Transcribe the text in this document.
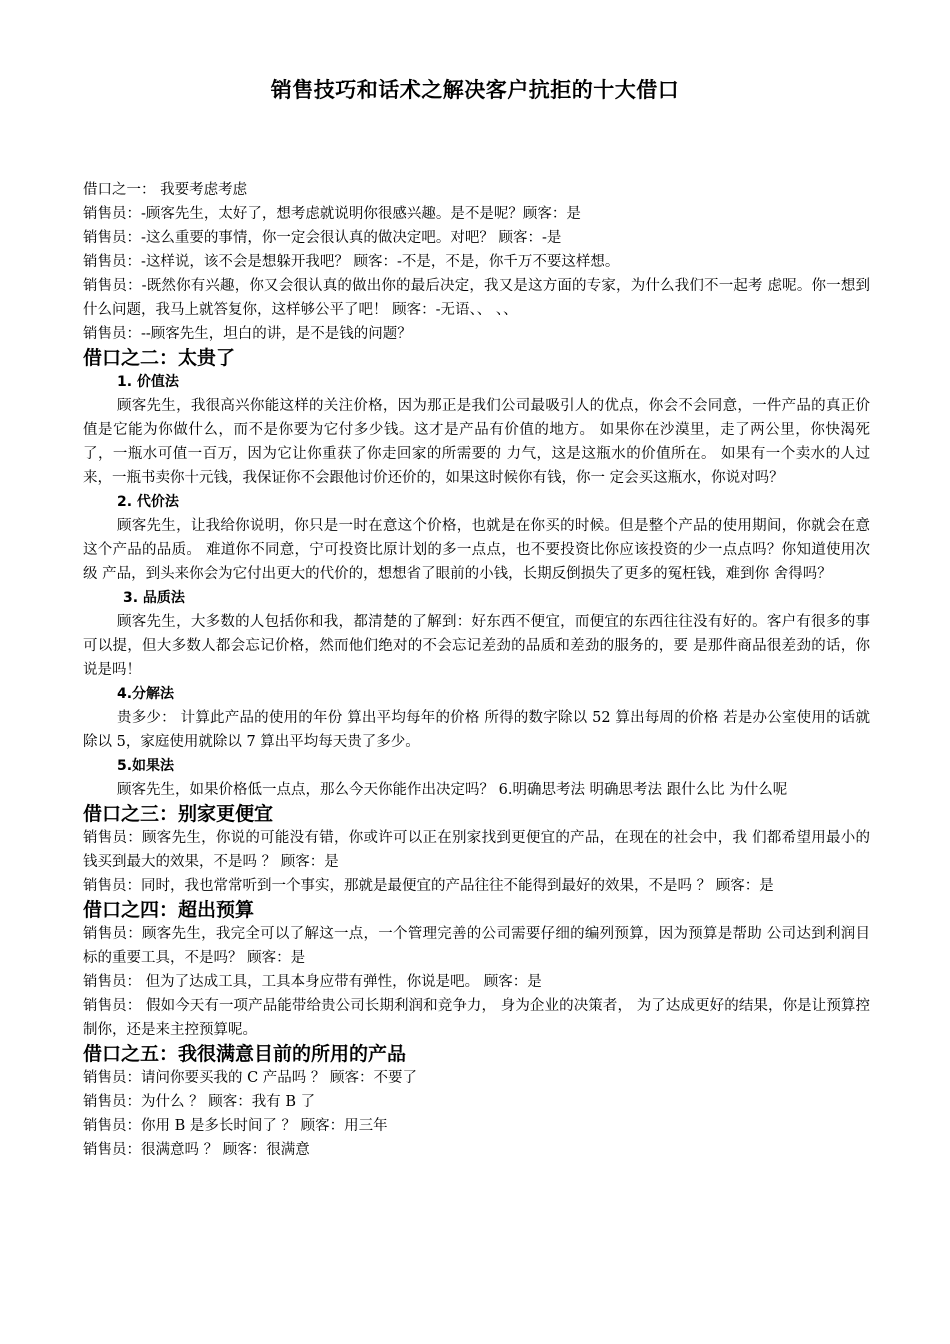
销售技巧和话术之解决客户抗拒的十大借口

借口之一： 我要考虑考虑

销售员：-顾客先生，太好了，想考虑就说明你很感兴趣。是不是呢？顾客：是

销售员：-这么重要的事情，你一定会很认真的做决定吧。对吧？ 顾客：-是

销售员：-这样说，该不会是想躲开我吧？ 顾客：-不是，不是，你千万不要这样想。

销售员：-既然你有兴趣，你又会很认真的做出你的最后决定，我又是这方面的专家，为什么我们不一起考 虑呢。你一想到什么问题，我马上就答复你，这样够公平了吧！ 顾客：-无语、、 、、

销售员：--顾客先生，坦白的讲，是不是钱的问题？

借口之二：太贵了

1. 价值法

顾客先生，我很高兴你能这样的关注价格，因为那正是我们公司最吸引人的优点，你会不会同意，一件产品的真正价值是它能为你做什么，而不是你要为它付多少钱。这才是产品有价值的地方。 如果你在沙漠里，走了两公里，你快渴死了，一瓶水可值一百万，因为它让你重获了你走回家的所需要的 力气，这是这瓶水的价值所在。 如果有一个卖水的人过来，一瓶书卖你十元钱，我保证你不会跟他讨价还价的，如果这时候你有钱，你一 定会买这瓶水，你说对吗？

2. 代价法

顾客先生，让我给你说明，你只是一时在意这个价格，也就是在你买的时候。但是整个产品的使用期间，你就会在意这个产品的品质。 难道你不同意，宁可投资比原计划的多一点点，也不要投资比你应该投资的少一点点吗？你知道使用次级 产品，到头来你会为它付出更大的代价的，想想省了眼前的小钱，长期反倒损失了更多的冤枉钱，难到你 舍得吗？

3. 品质法

顾客先生，大多数的人包括你和我，都清楚的了解到：好东西不便宜，而便宜的东西往往没有好的。客户有很多的事可以提，但大多数人都会忘记价格，然而他们绝对的不会忘记差劲的品质和差劲的服务的，要 是那件商品很差劲的话，你说是吗！

4.分解法

贵多少： 计算此产品的使用的年份 算出平均每年的价格 所得的数字除以 52 算出每周的价格 若是办公室使用的话就除以 5，家庭使用就除以 7 算出平均每天贵了多少。

5.如果法

顾客先生，如果价格低一点点，那么今天你能作出决定吗？ 6.明确思考法 明确思考法 跟什么比 为什么呢

借口之三：别家更便宜

销售员：顾客先生，你说的可能没有错，你或许可以正在别家找到更便宜的产品，在现在的社会中，我 们都希望用最小的钱买到最大的效果，不是吗 ？ 顾客：是

销售员：同时，我也常常听到一个事实，那就是最便宜的产品往往不能得到最好的效果，不是吗 ？ 顾客：是

借口之四：超出预算

销售员：顾客先生，我完全可以了解这一点，一个管理完善的公司需要仔细的编列预算，因为预算是帮助 公司达到利润目标的重要工具，不是吗？ 顾客：是

销售员： 但为了达成工具，工具本身应带有弹性，你说是吧。 顾客：是

销售员： 假如今天有一项产品能带给贵公司长期利润和竞争力， 身为企业的决策者， 为了达成更好的结果，你是让预算控制你，还是来主控预算呢。

借口之五：我很满意目前的所用的产品

销售员：请问你要买我的 C 产品吗 ？ 顾客：不要了

销售员：为什么 ？ 顾客：我有 B 了

销售员：你用 B 是多长时间了 ？ 顾客：用三年

销售员：很满意吗 ？ 顾客：很满意
